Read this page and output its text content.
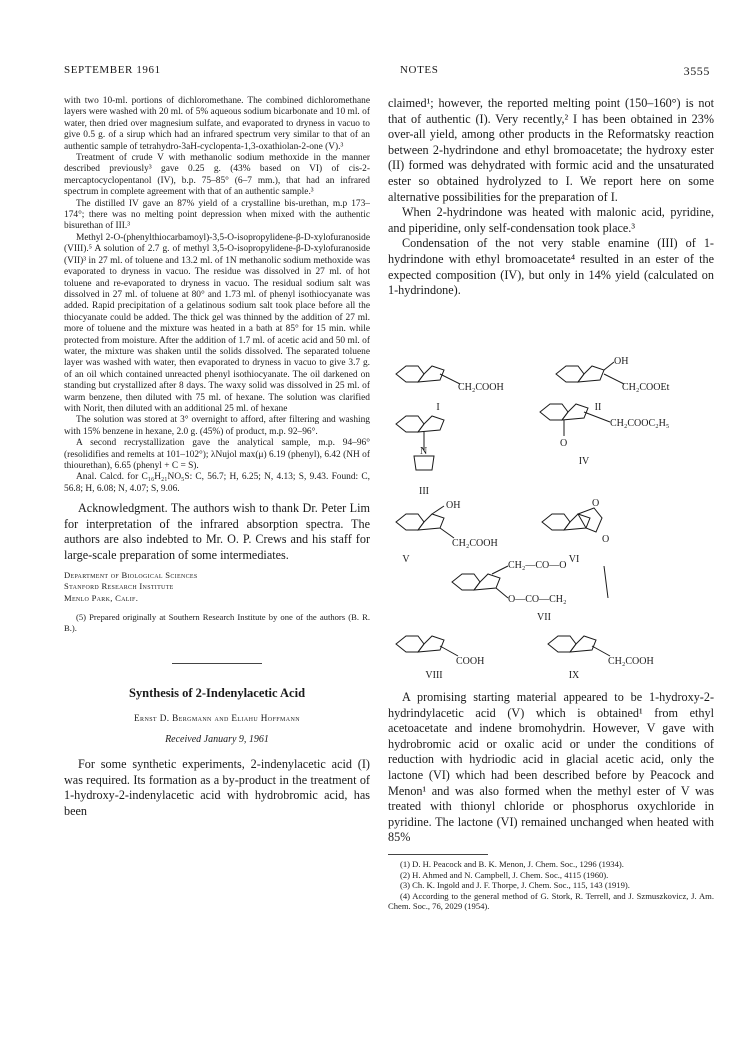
SEPTEMBER 1961	NOTES	3555

with two 10-ml. portions of dichloromethane. The combined dichloromethane layers were washed with 20 ml. of 5% aqueous sodium bicarbonate and 10 ml. of water, then dried over magnesium sulfate, and evaporated to dryness in vacuo to give 0.5 g. of a sirup which had an infrared spectrum very similar to that of an authentic sample of tetrahydro-3aH-cyclopenta-1,3-oxathiolan-2-one (V).³

Treatment of crude V with methanolic sodium methoxide in the manner described previously³ gave 0.25 g. (43% based on VI) of cis-2-mercaptocyclopentanol (IV), b.p. 75–85° (6–7 mm.), that had an infrared spectrum in complete agreement with that of an authentic sample.³

The distilled IV gave an 87% yield of a crystalline bis-urethan, m.p 173–174°; there was no melting point depression when mixed with the authentic bisurethan of III.³

Methyl 2-O-(phenylthiocarbamoyl)-3,5-O-isopropylidene-β-D-xylofuranoside (VIII).⁵ A solution of 2.7 g. of methyl 3,5-O-isopropylidene-β-D-xylofuranoside (VII)³ in 27 ml. of toluene and 13.2 ml. of 1N methanolic sodium methoxide was evaporated to dryness in vacuo. The residue was dissolved in 27 ml. of hot toluene and re-evaporated to dryness in vacuo. The residual sodium salt was dissolved in 27 ml. of toluene at 80° and 1.73 ml. of phenyl isothiocyanate was added. Rapid precipitation of a gelatinous sodium salt took place before all the thiocyanate could be added. The thick gel was thinned by the addition of 27 ml. more of toluene and the mixture was heated in a bath at 85° for 15 min. while protected from moisture. After the addition of 1.7 ml. of acetic acid and 50 ml. of water, the mixture was shaken until the solids dissolved. The separated toluene layer was washed with water, then evaporated to dryness in vacuo to give 3.7 g. of an oil which contained unreacted phenyl isothiocyanate. The oil darkened on standing but crystallized after 8 days. The waxy solid was dissolved in 25 ml. of warm benzene, then diluted with 75 ml. of hexane. The solution was clarified with Norit, then diluted with an additional 25 ml. of hexane

The solution was stored at 3° overnight to afford, after filtering and washing with 15% benzene in hexane, 2.0 g. (45%) of product, m.p. 92–96°.

A second recrystallization gave the analytical sample, m.p. 94–96° (resolidifies and remelts at 101–102°); λNujol max(μ) 6.19 (phenyl), 6.42 (NH of thiourethan), 6.65 (phenyl + C = S).

Anal. Calcd. for C₁₆H₂₁NO₅S: C, 56.7; H, 6.25; N, 4.13; S, 9.43. Found: C, 56.8; H, 6.08; N, 4.07; S, 9.06.

Acknowledgment. The authors wish to thank Dr. Peter Lim for interpretation of the infrared absorption spectra. The authors are also indebted to Mr. O. P. Crews and his staff for large-scale preparation of some intermediates.

Department of Biological Sciences
Stanford Research Institute
Menlo Park, Calif.

(5) Prepared originally at Southern Research Institute by one of the authors (B. R. B.).

Synthesis of 2-Indenylacetic Acid
Ernst D. Bergmann and Eliahu Hoffmann
Received January 9, 1961

For some synthetic experiments, 2-indenylacetic acid (I) was required. Its formation as a by-product in the treatment of 1-hydroxy-2-indenylacetic acid with hydrobromic acid, has been

claimed¹; however, the reported melting point (150–160°) is not that of authentic (I). Very recently,² I has been obtained in 23% over-all yield, among other products in the Reformatsky reaction between 2-hydrindone and ethyl bromoacetate; the hydroxy ester (II) formed was dehydrated with formic acid and the unsaturated ester so obtained hydrolyzed to I. We report here on some alternative possibilities for the preparation of I.

When 2-hydrindone was heated with malonic acid, pyridine, and piperidine, only self-condensation took place.³

Condensation of the not very stable enamine (III) of 1-hydrindone with ethyl bromoacetate⁴ resulted in an ester of the expected composition (IV), but only in 14% yield (calculated on 1-hydrindone).

CH₂COOH
I
OH
CH₂COOEt
II
N
III
CH₂COOC₂H₅
O
IV
OH
CH₂COOH
V
O
O
VI
CH₂—CO—O
O—CO—CH₂
VII
COOH
VIII
CH₂COOH
IX

A promising starting material appeared to be 1-hydroxy-2-hydrindylacetic acid (V) which is obtained¹ from ethyl acetoacetate and indene bromohydrin. However, V gave with hydrobromic acid or oxalic acid or under the conditions of reduction with hydriodic acid in glacial acetic acid, only the lactone (VI) which had been described before by Peacock and Menon¹ and was also formed when the methyl ester of V was treated with thionyl chloride or phosphorus oxychloride in pyridine. The lactone (VI) remained unchanged when heated with 85%

(1) D. H. Peacock and B. K. Menon, J. Chem. Soc., 1296 (1934).

(2) H. Ahmed and N. Campbell, J. Chem. Soc., 4115 (1960).

(3) Ch. K. Ingold and J. F. Thorpe, J. Chem. Soc., 115, 143 (1919).

(4) According to the general method of G. Stork, R. Terrell, and J. Szmuszkovicz, J. Am. Chem. Soc., 76, 2029 (1954).
